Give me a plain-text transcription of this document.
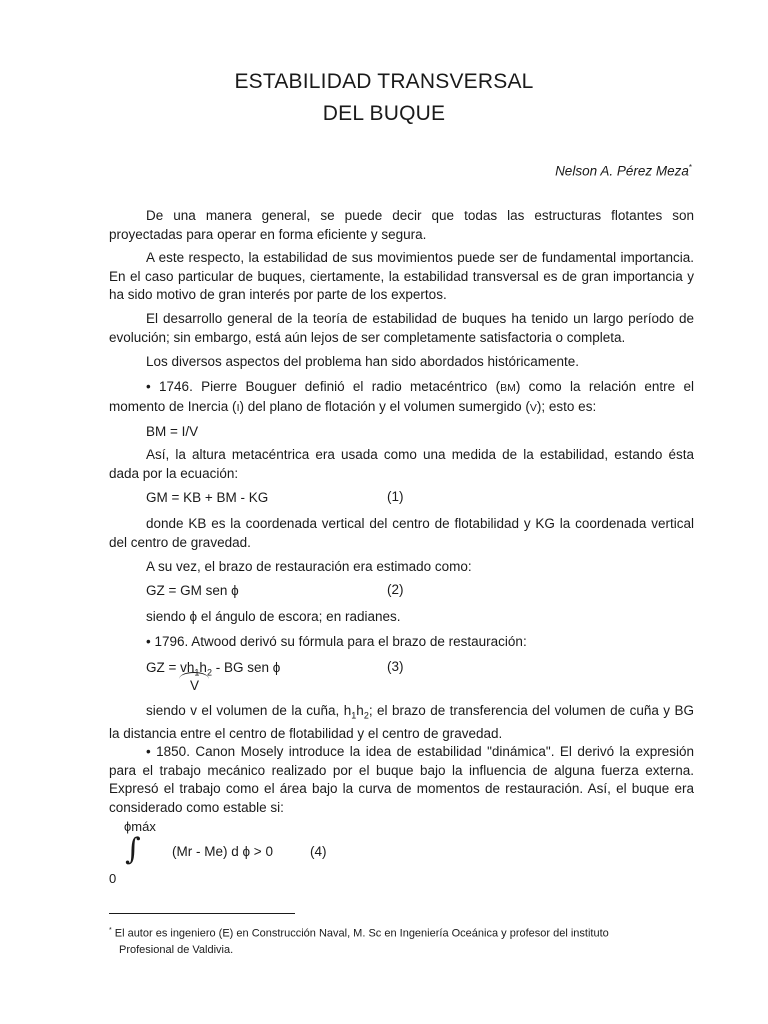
ESTABILIDAD TRANSVERSAL
DEL BUQUE
Nelson A. Pérez Meza*
De una manera general, se puede decir que todas las estructuras flotantes son proyectadas para operar en forma eficiente y segura.
A este respecto, la estabilidad de sus movimientos puede ser de fundamental importancia. En el caso particular de buques, ciertamente, la estabilidad transversal es de gran importancia y ha sido motivo de gran interés por parte de los expertos.
El desarrollo general de la teoría de estabilidad de buques ha tenido un largo período de evolución; sin embargo, está aún lejos de ser completamente satisfactoria o completa.
Los diversos aspectos del problema han sido abordados históricamente.
• 1746. Pierre Bouguer definió el radio metacéntrico (BM) como la relación entre el momento de Inercia (I) del plano de flotación y el volumen sumergido (V); esto es:
BM = I/V
Así, la altura metacéntrica era usada como una medida de la estabilidad, estando ésta dada por la ecuación:
GM = KB + BM - KG	(1)
donde KB es la coordenada vertical del centro de flotabilidad y KG la coordenada vertical del centro de gravedad.
A su vez, el brazo de restauración era estimado como:
GZ = GM sen ϕ	(2)
siendo ϕ el ángulo de escora; en radianes.
• 1796. Atwood derivó su fórmula para el brazo de restauración:
GZ = $vh_1h_2$ - BG sen ϕ
V
(3)
siendo v el volumen de la cuña, $h_1h_2$; el brazo de transferencia del volumen de cuña y BG la distancia entre el centro de flotabilidad y el centro de gravedad.
• 1850. Canon Mosely introduce la idea de estabilidad "dinámica". El derivó la expresión para el trabajo mecánico realizado por el buque bajo la influencia de alguna fuerza externa. Expresó el trabajo como el área bajo la curva de momentos de restauración. Así, el buque era considerado como estable si:
ϕmáx
∫ (Mr - Me) d ϕ > 0	(4)
0
* El autor es ingeniero (E) en Construcción Naval, M. Sc en Ingeniería Oceánica y profesor del instituto
Profesional de Valdivia.
